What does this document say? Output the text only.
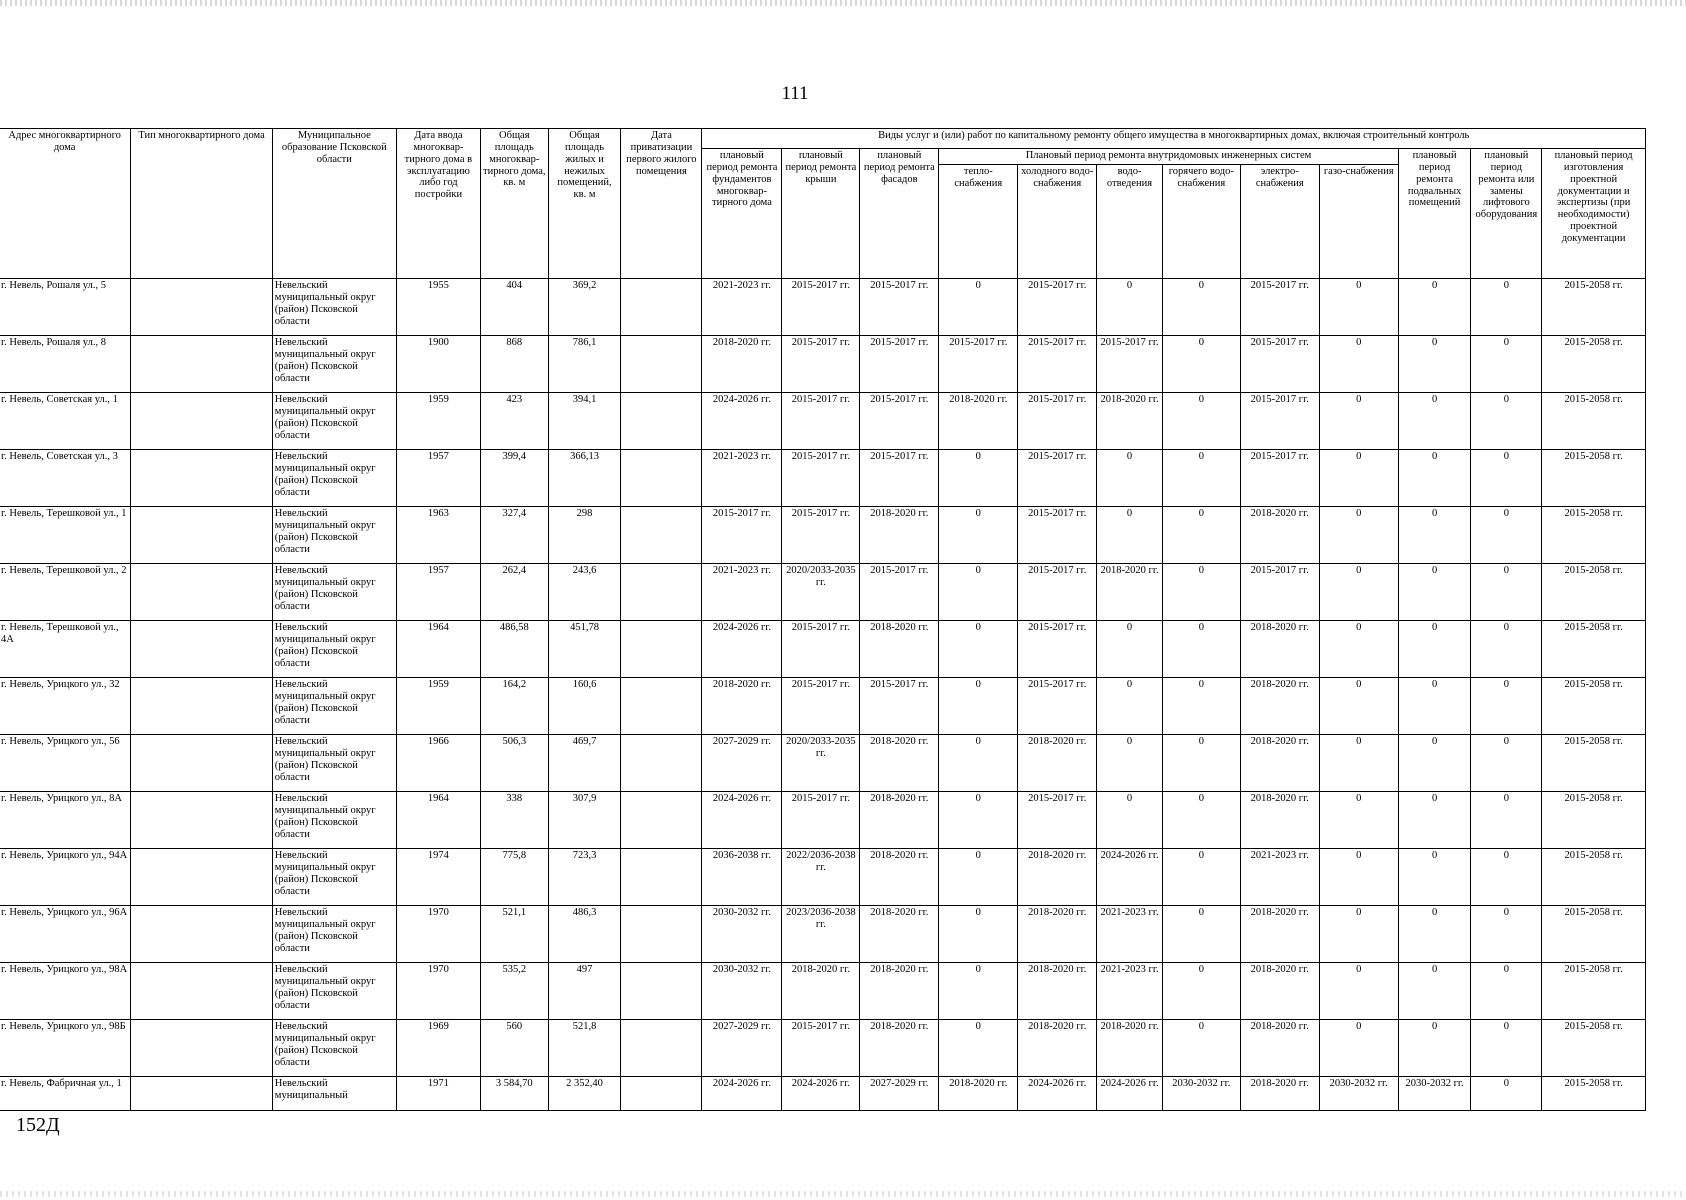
111
Адрес многоквартирного дома	Тип многоквартирного дома	Муниципальное образование Псковской области	Дата ввода многоквар-тирного дома в эксплуатацию либо год постройки	Общая площадь многоквар-тирного дома, кв. м	Общая площадь жилых и нежилых помещений, кв. м	Дата приватизации первого жилого помещения	Виды услуг и (или) работ по капитальному ремонту общего имущества в многоквартирных домах, включая строительный контроль											
							плановый период ремонта фундаментов многоквар-тирного дома	плановый период ремонта крыши	плановый период ремонта фасадов	Плановый период ремонта внутридомовых инженерных систем						плановый период ремонта подвальных помещений	плановый период ремонта или замены лифтового оборудования	плановый период изготовления проектной документации и экспертизы (при необходимости) проектной документации
										тепло-снабжения	холодного водо-снабжения	водо-отведения	горячего водо-снабжения	электро-снабжения	газо-снабжения			
г. Невель, Рошаля ул., 5		Невельский муниципальный округ (район) Псковской области	1955	404	369,2		2021-2023 гг.	2015-2017 гг.	2015-2017 гг.	0	2015-2017 гг.	0	0	2015-2017 гг.	0	0	0	2015-2058 гг.
г. Невель, Рошаля ул., 8		Невельский муниципальный округ (район) Псковской области	1900	868	786,1		2018-2020 гг.	2015-2017 гг.	2015-2017 гг.	2015-2017 гг.	2015-2017 гг.	2015-2017 гг.	0	2015-2017 гг.	0	0	0	2015-2058 гг.
г. Невель, Советская ул., 1		Невельский муниципальный округ (район) Псковской области	1959	423	394,1		2024-2026 гг.	2015-2017 гг.	2015-2017 гг.	2018-2020 гг.	2015-2017 гг.	2018-2020 гг.	0	2015-2017 гг.	0	0	0	2015-2058 гг.
г. Невель, Советская ул., 3		Невельский муниципальный округ (район) Псковской области	1957	399,4	366,13		2021-2023 гг.	2015-2017 гг.	2015-2017 гг.	0	2015-2017 гг.	0	0	2015-2017 гг.	0	0	0	2015-2058 гг.
г. Невель, Терешковой ул., 1		Невельский муниципальный округ (район) Псковской области	1963	327,4	298		2015-2017 гг.	2015-2017 гг.	2018-2020 гг.	0	2015-2017 гг.	0	0	2018-2020 гг.	0	0	0	2015-2058 гг.
г. Невель, Терешковой ул., 2		Невельский муниципальный округ (район) Псковской области	1957	262,4	243,6		2021-2023 гг.	2020/2033-2035 гг.	2015-2017 гг.	0	2015-2017 гг.	2018-2020 гг.	0	2015-2017 гг.	0	0	0	2015-2058 гг.
г. Невель, Терешковой ул., 4А		Невельский муниципальный округ (район) Псковской области	1964	486,58	451,78		2024-2026 гг.	2015-2017 гг.	2018-2020 гг.	0	2015-2017 гг.	0	0	2018-2020 гг.	0	0	0	2015-2058 гг.
г. Невель, Урицкого ул., 32		Невельский муниципальный округ (район) Псковской области	1959	164,2	160,6		2018-2020 гг.	2015-2017 гг.	2015-2017 гг.	0	2015-2017 гг.	0	0	2018-2020 гг.	0	0	0	2015-2058 гг.
г. Невель, Урицкого ул., 56		Невельский муниципальный округ (район) Псковской области	1966	506,3	469,7		2027-2029 гг.	2020/2033-2035 гг.	2018-2020 гг.	0	2018-2020 гг.	0	0	2018-2020 гг.	0	0	0	2015-2058 гг.
г. Невель, Урицкого ул., 8А		Невельский муниципальный округ (район) Псковской области	1964	338	307,9		2024-2026 гг.	2015-2017 гг.	2018-2020 гг.	0	2015-2017 гг.	0	0	2018-2020 гг.	0	0	0	2015-2058 гг.
г. Невель, Урицкого ул., 94А		Невельский муниципальный округ (район) Псковской области	1974	775,8	723,3		2036-2038 гг.	2022/2036-2038 гг.	2018-2020 гг.	0	2018-2020 гг.	2024-2026 гг.	0	2021-2023 гг.	0	0	0	2015-2058 гг.
г. Невель, Урицкого ул., 96А		Невельский муниципальный округ (район) Псковской области	1970	521,1	486,3		2030-2032 гг.	2023/2036-2038 гг.	2018-2020 гг.	0	2018-2020 гг.	2021-2023 гг.	0	2018-2020 гг.	0	0	0	2015-2058 гг.
г. Невель, Урицкого ул., 98А		Невельский муниципальный округ (район) Псковской области	1970	535,2	497		2030-2032 гг.	2018-2020 гг.	2018-2020 гг.	0	2018-2020 гг.	2021-2023 гг.	0	2018-2020 гг.	0	0	0	2015-2058 гг.
г. Невель, Урицкого ул., 98Б		Невельский муниципальный округ (район) Псковской области	1969	560	521,8		2027-2029 гг.	2015-2017 гг.	2018-2020 гг.	0	2018-2020 гг.	2018-2020 гг.	0	2018-2020 гг.	0	0	0	2015-2058 гг.
г. Невель, Фабричная ул., 1		Невельский муниципальный	1971	3 584,70	2 352,40		2024-2026 гг.	2024-2026 гг.	2027-2029 гг.	2018-2020 гг.	2024-2026 гг.	2024-2026 гг.	2030-2032 гг.	2018-2020 гг.	2030-2032 гг.	2030-2032 гг.	0	2015-2058 гг.
152Д
